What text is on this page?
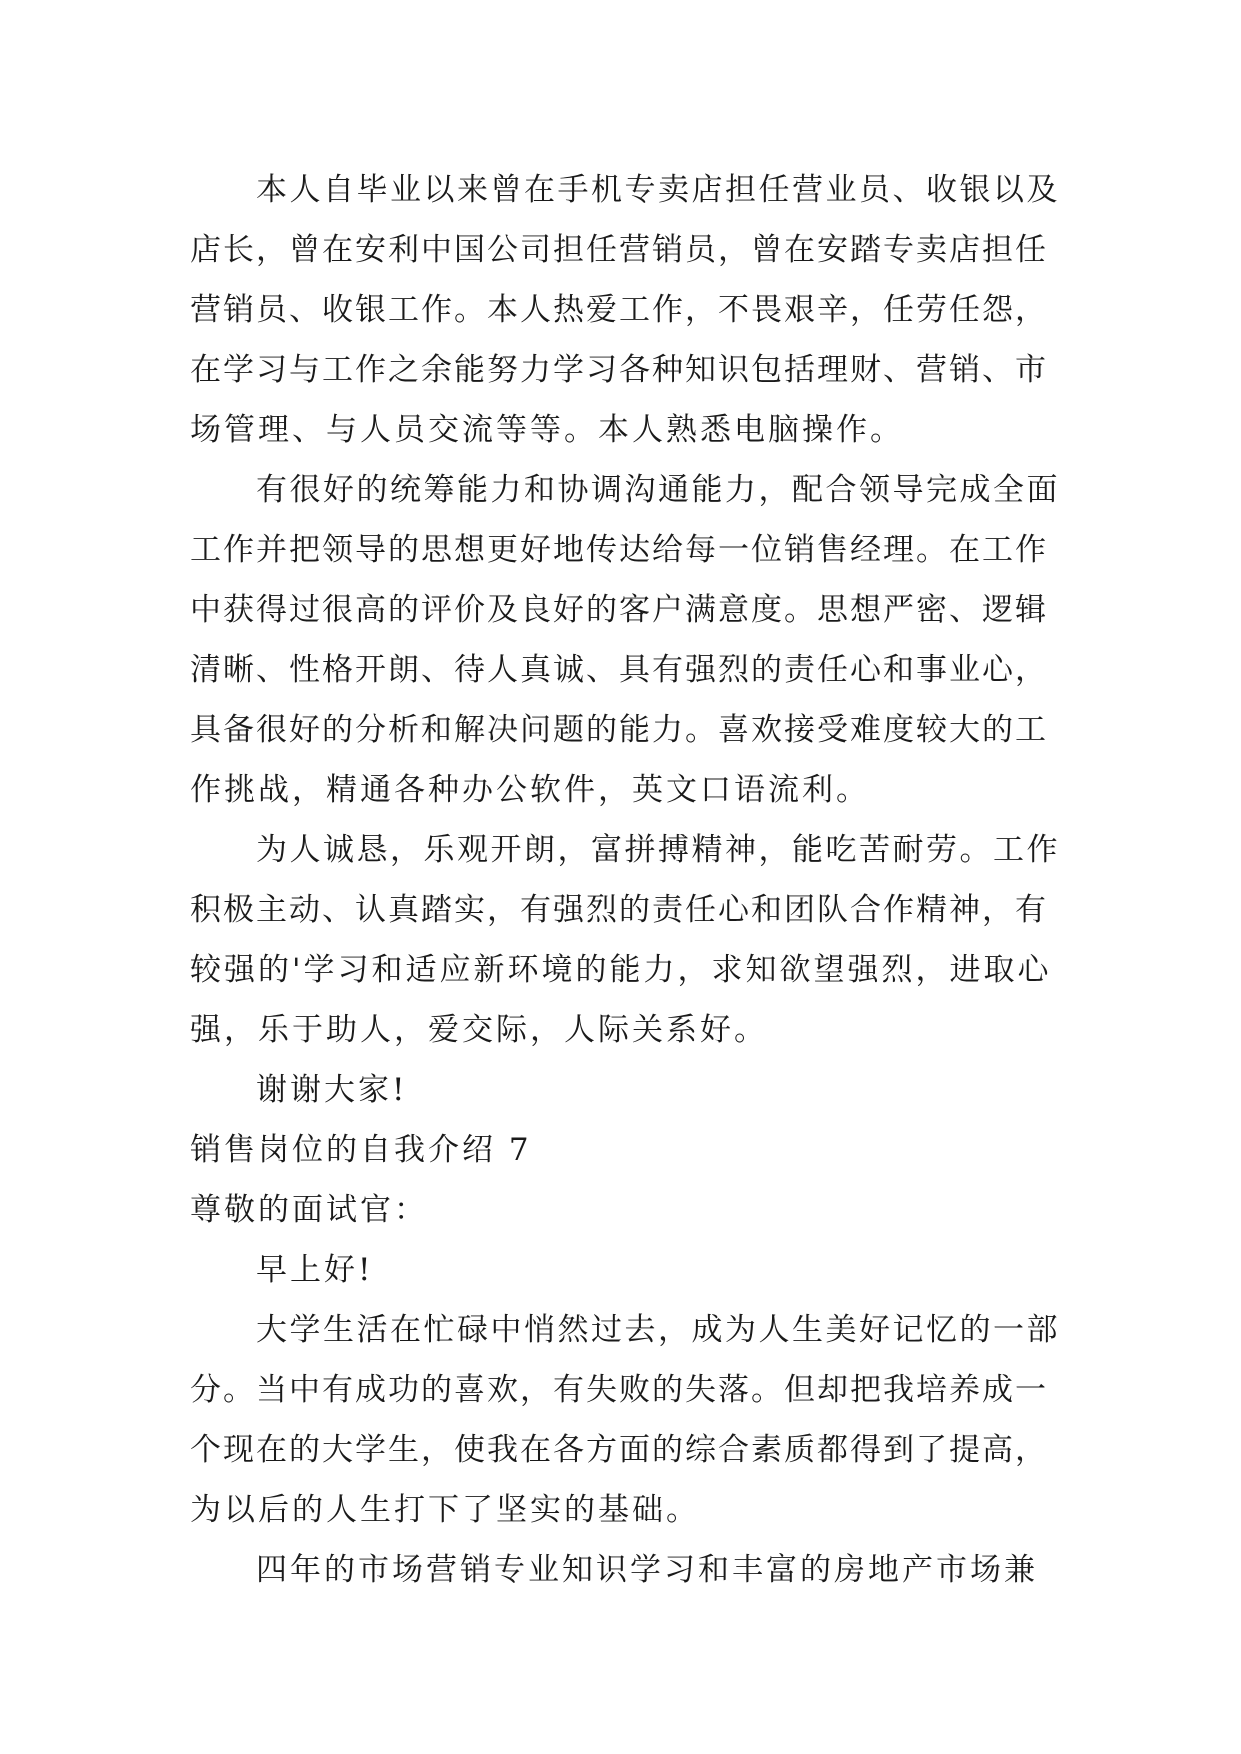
本人自毕业以来曾在手机专卖店担任营业员、收银以及
店长，曾在安利中国公司担任营销员，曾在安踏专卖店担任
营销员、收银工作。本人热爱工作，不畏艰辛，任劳任怨，
在学习与工作之余能努力学习各种知识包括理财、营销、市
场管理、与人员交流等等。本人熟悉电脑操作。
有很好的统筹能力和协调沟通能力，配合领导完成全面
工作并把领导的思想更好地传达给每一位销售经理。在工作
中获得过很高的评价及良好的客户满意度。思想严密、逻辑
清晰、性格开朗、待人真诚、具有强烈的责任心和事业心，
具备很好的分析和解决问题的能力。喜欢接受难度较大的工
作挑战，精通各种办公软件，英文口语流利。
为人诚恳，乐观开朗，富拼搏精神，能吃苦耐劳。工作
积极主动、认真踏实，有强烈的责任心和团队合作精神，有
较强的'学习和适应新环境的能力，求知欲望强烈，进取心
强，乐于助人，爱交际，人际关系好。
谢谢大家!
销售岗位的自我介绍 7
尊敬的面试官：
早上好!
大学生活在忙碌中悄然过去，成为人生美好记忆的一部
分。当中有成功的喜欢，有失败的失落。但却把我培养成一
个现在的大学生，使我在各方面的综合素质都得到了提高，
为以后的人生打下了坚实的基础。
四年的市场营销专业知识学习和丰富的房地产市场兼
